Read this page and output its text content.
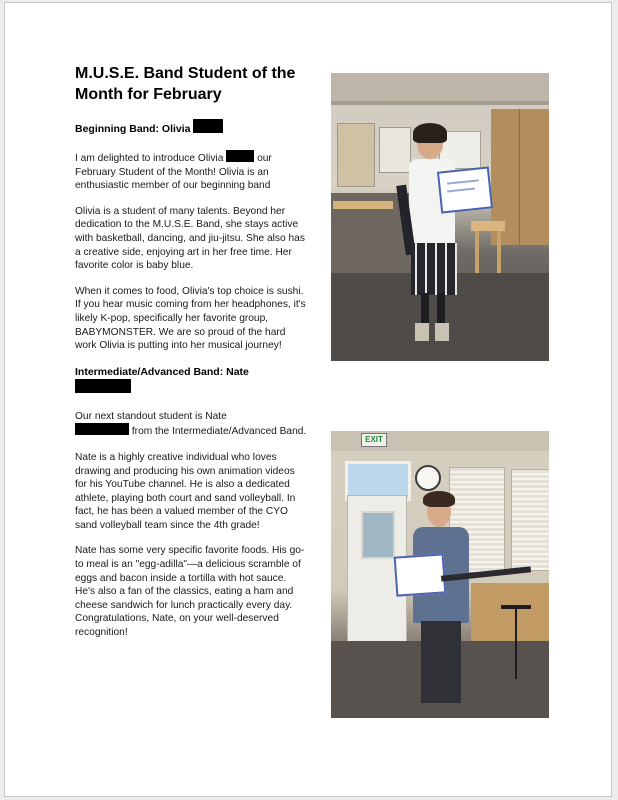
M.U.S.E. Band Student of the Month for February
Beginning Band: Olivia

I am delighted to introduce Olivia	our February Student of the Month! Olivia is an enthusiastic member of our beginning band

Olivia is a student of many talents. Beyond her dedication to the M.U.S.E. Band, she stays active with basketball, dancing, and jiu-jitsu. She also has a creative side, enjoying art in her free time. Her favorite color is baby blue.

When it comes to food, Olivia's top choice is sushi. If you hear music coming from her headphones, it's likely K-pop, specifically her favorite group, BABYMONSTER. We are so proud of the hard work Olivia is putting into her musical journey!

Intermediate/Advanced Band: Nate

Our next standout student is Nate
from the Intermediate/Advanced Band.

Nate is a highly creative individual who loves drawing and producing his own animation videos for his YouTube channel. He is also a dedicated athlete, playing both court and sand volleyball. In fact, he has been a valued member of the CYO sand volleyball team since the 4th grade!

Nate has some very specific favorite foods. His go-to meal is an "egg-adilla"—a delicious scramble of eggs and bacon inside a tortilla with hot sauce. He's also a fan of the classics, eating a ham and cheese sandwich for lunch practically every day. Congratulations, Nate, on your well-deserved recognition!

EXIT
